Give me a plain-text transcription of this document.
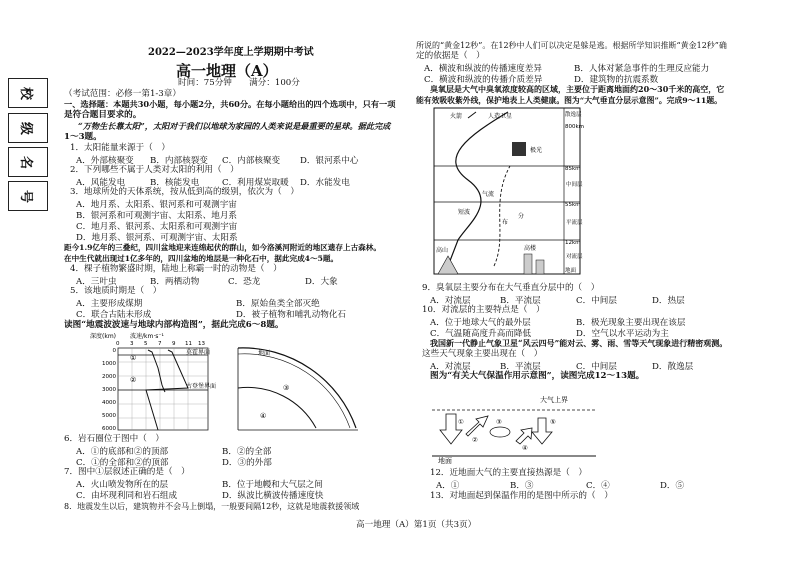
校
级
名
号
2022—2023学年度上学期期中考试
高一地理（A）
时间：75分钟　　满分：100分
（考试范围：必修一第1-3章）
一、选择题：本题共30小题，每小题2分，共60分。在每小题给出的四个选项中，只有一项
是符合题目要求的。
“万物生长靠太阳”，太阳对于我们以地球为家园的人类来说是最重要的星球。据此完成
1～3题。
1．太阳能量来源于（　）
A．外部核聚变 B．内部核裂变 C．内部核聚变 D．银河系中心
2．下列哪些不属于人类对太阳的利用（　）
A．风能发电	B．核能发电	C．利用煤炭取暖 D．水能发电
3．地球所处的天体系统，按从低到高的级别，依次为（　）
A．地月系、太阳系、银河系和可观测宇宙
B．银河系和可观测宇宙、太阳系、地月系
C．地月系、银河系、太阳系和可观测宇宙
D．地月系、银河系、可观测宇宙、太阳系
距今1.9亿年的三叠纪，四川盆地迎来连绵起伏的群山，如今洛溪河附近的地区遗存上古森林。
在中生代就出现过1亿多年的，四川盆地的地层是一种化石中，据此完成4～5题。
4．棵子植物繁盛时期，陆地上称霸一时的动物是（　）
A．三叶虫	B．两栖动物	C．恐龙	D．大象
5．该地质时期是（　）
A．主要形成煤期	B．原始鱼类全部灭绝
C．联合古陆未形成	D．被子植物和哺乳动物化石
读图“地震波波速与地球内部构造图”，据此完成6～8题。
深度(km) 波速/km·s⁻¹
0 3 5 7 9 11 13
0
1000
2000
3000
4000
5000
6000
莫霍界面
古登堡界面
①
②
地面
③
④
6．岩石圈位于图中（　）
A．①的底部和②的顶部	B．②的全部
C．①的全部和②的顶部	D．③的外部
7．图中①层叙述正确的是（　）
A．火山喷发物所在的层	B．位于地幔和大气层之间
C．由坏现利同和岩石组成	D．纵波比横波传播速度快
8．地震发生以后，建筑物并不会马上倒塌，一般要间隔12秒，这就是地震救援领域
所说的“黄金12秒”。在12秒中人们可以决定是躲是逃。根据所学知识推断“黄金12秒”确
定的依据是（　）
A．横波和纵波的传播速度差异	B．人体对紧急事件的生理反应能力
C．横波和纵波的传播介质差异	D．建筑物的抗震系数
臭氧层是大气中臭氧浓度较高的区域，主要位于距离地面约20～30千米的高空，它
能有效吸收紫外线，保护地表上人类健康。图为“大气垂直分层示意图”。完成9～11题。
火箭	人造卫星
极光
短波
气流
布
分
高山	高楼
散逸层
800km
85km
55km
12km
中间层
平流层
对流层
地面
9．臭氧层主要分布在大气垂直分层中的（　）
A．对流层	B．平流层	C．中间层	D．热层
10．对流层的主要特点是（　）
A．位于地球大气的最外层	B．极光现象主要出现在该层
C．气温随高度升高而降低	D．空气以水平运动为主
我国新一代静止气象卫星“风云四号”能对云、雾、雨、雪等天气现象进行精密观测。
这些天气现象主要出现在（　）
A．对流层	B．平流层	C．中间层	D．散逸层
图为“有关大气保温作用示意图”，读图完成12～13题。
大气上界
地面
①
②
③
④
⑤
12．近地面大气的主要直接热源是（　）
A．①	B．③	C．④	D．⑤
13．对地面起到保温作用的是图中所示的（　）
高一地理（A）第1页（共3页）
